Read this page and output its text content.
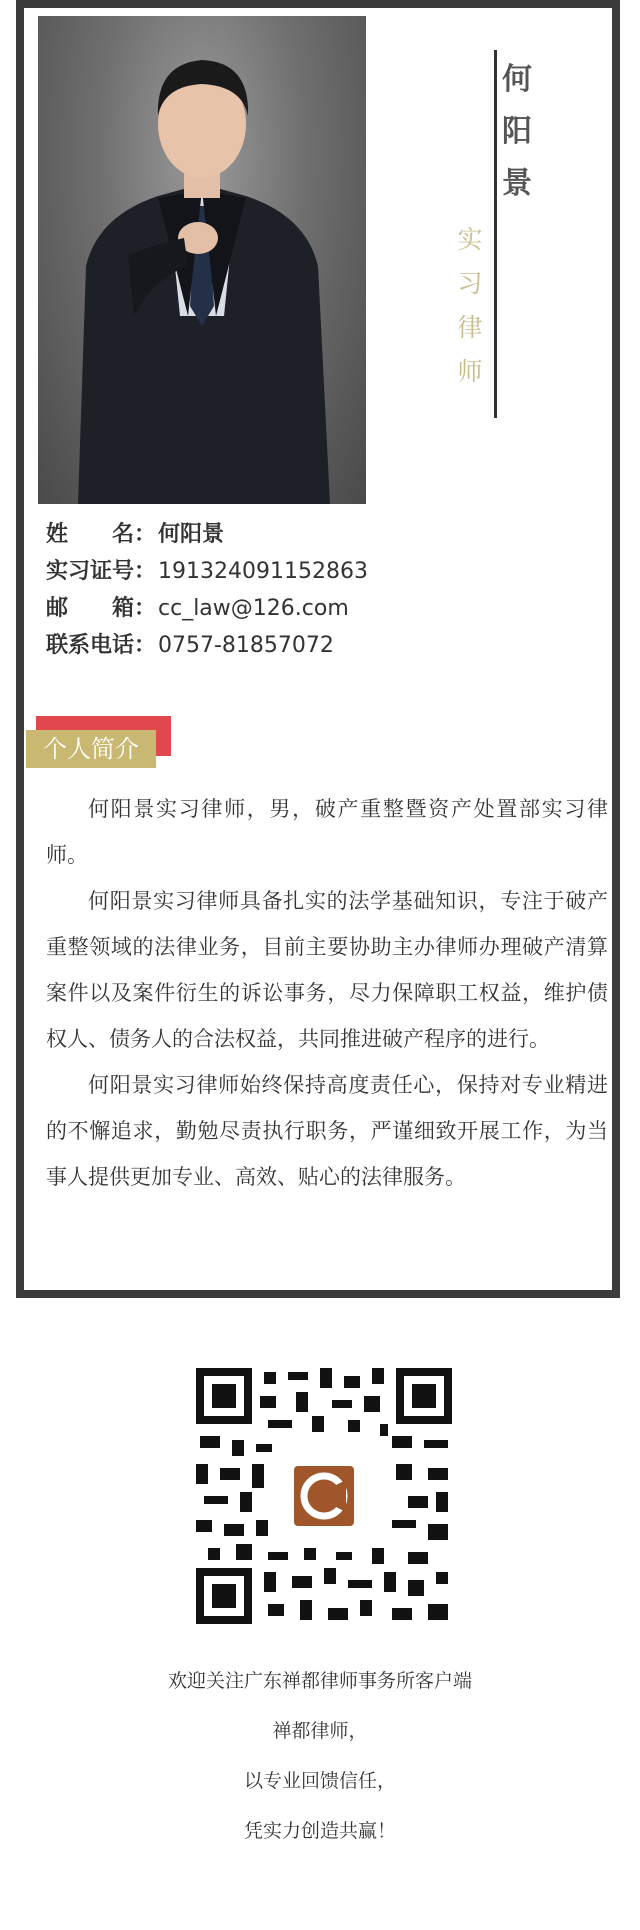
何
阳
景
实
习
律
师
姓　　名：何阳景
实习证号：191324091152863
邮　　箱：cc_law@126.com
联系电话：0757-81857072
个人简介

何阳景实习律师，男，破产重整暨资产处置部实习律师。

何阳景实习律师具备扎实的法学基础知识，专注于破产重整领域的法律业务，目前主要协助主办律师办理破产清算案件以及案件衍生的诉讼事务，尽力保障职工权益，维护债权人、债务人的合法权益，共同推进破产程序的进行。

何阳景实习律师始终保持高度责任心，保持对专业精进的不懈追求，勤勉尽责执行职务，严谨细致开展工作，为当事人提供更加专业、高效、贴心的法律服务。

欢迎关注广东禅都律师事务所客户端
禅都律师，
以专业回馈信任，
凭实力创造共赢！
